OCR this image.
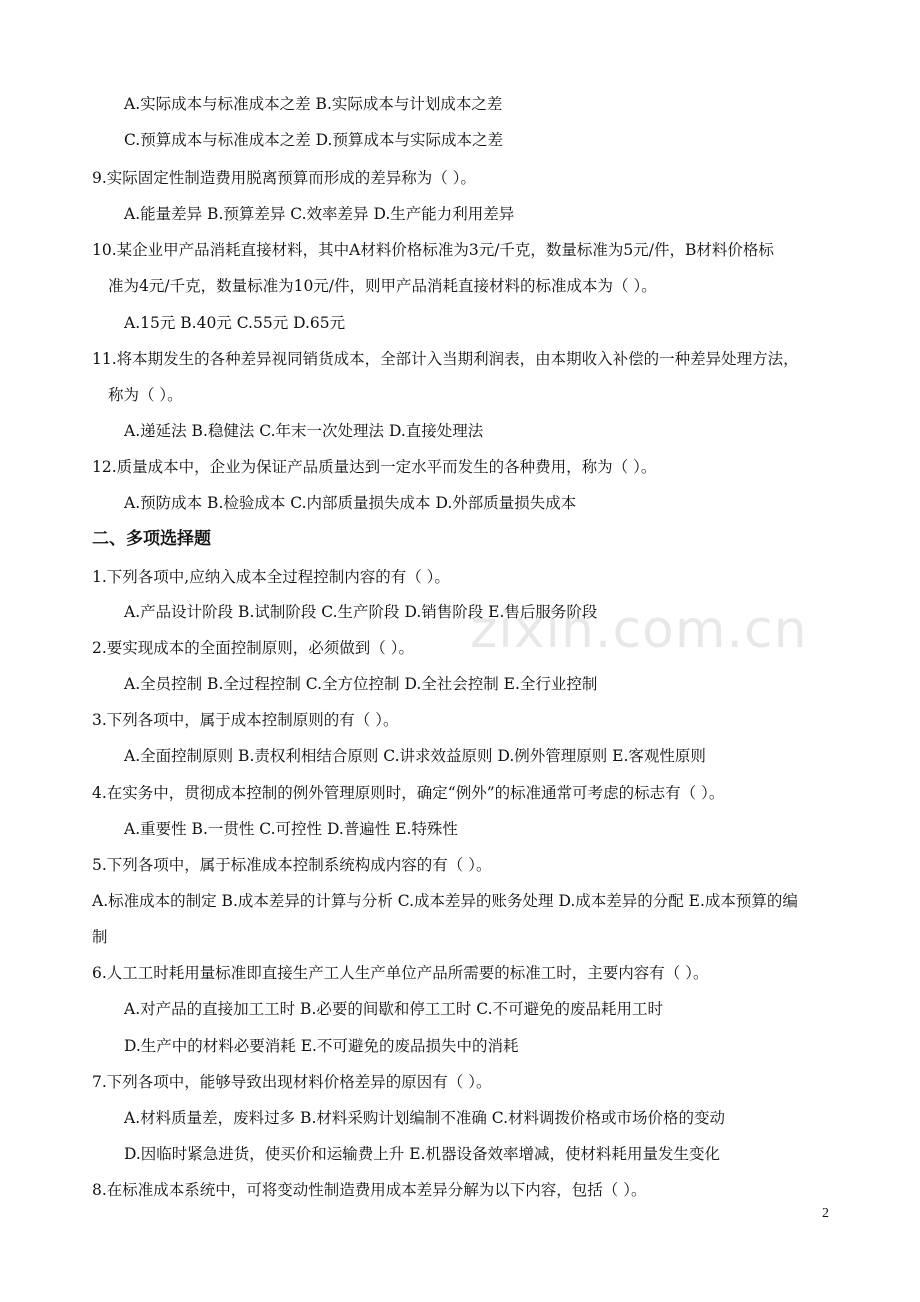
A.实际成本与标准成本之差 B.实际成本与计划成本之差
C.预算成本与标准成本之差 D.预算成本与实际成本之差
9.实际固定性制造费用脱离预算而形成的差异称为（ ）。
A.能量差异 B.预算差异 C.效率差异 D.生产能力利用差异
10.某企业甲产品消耗直接材料，其中A材料价格标准为3元/千克，数量标准为5元/件，B材料价格标
准为4元/千克，数量标准为10元/件，则甲产品消耗直接材料的标准成本为（ ）。
A.15元 B.40元 C.55元 D.65元
11.将本期发生的各种差异视同销货成本，全部计入当期利润表，由本期收入补偿的一种差异处理方法，
称为（ ）。
A.递延法 B.稳健法 C.年末一次处理法 D.直接处理法
12.质量成本中，企业为保证产品质量达到一定水平而发生的各种费用，称为（ ）。
A.预防成本 B.检验成本 C.内部质量损失成本 D.外部质量损失成本
二、多项选择题
1.下列各项中,应纳入成本全过程控制内容的有（ ）。
A.产品设计阶段 B.试制阶段 C.生产阶段 D.销售阶段 E.售后服务阶段
2.要实现成本的全面控制原则，必须做到（ ）。
A.全员控制 B.全过程控制 C.全方位控制 D.全社会控制 E.全行业控制
3.下列各项中，属于成本控制原则的有（ ）。
A.全面控制原则 B.责权利相结合原则 C.讲求效益原则 D.例外管理原则 E.客观性原则
4.在实务中，贯彻成本控制的例外管理原则时，确定“例外”的标准通常可考虑的标志有（ ）。
A.重要性 B.一贯性 C.可控性 D.普遍性 E.特殊性
5.下列各项中，属于标准成本控制系统构成内容的有（ ）。
A.标准成本的制定 B.成本差异的计算与分析 C.成本差异的账务处理 D.成本差异的分配 E.成本预算的编
制
6.人工工时耗用量标准即直接生产工人生产单位产品所需要的标准工时，主要内容有（ ）。
A.对产品的直接加工工时 B.必要的间歇和停工工时 C.不可避免的废品耗用工时
D.生产中的材料必要消耗 E.不可避免的废品损失中的消耗
7.下列各项中，能够导致出现材料价格差异的原因有（ ）。
A.材料质量差，废料过多 B.材料采购计划编制不准确 C.材料调拨价格或市场价格的变动
D.因临时紧急进货，使买价和运输费上升 E.机器设备效率增减，使材料耗用量发生变化
8.在标准成本系统中，可将变动性制造费用成本差异分解为以下内容，包括（ ）。
zixin.com.cn
2
